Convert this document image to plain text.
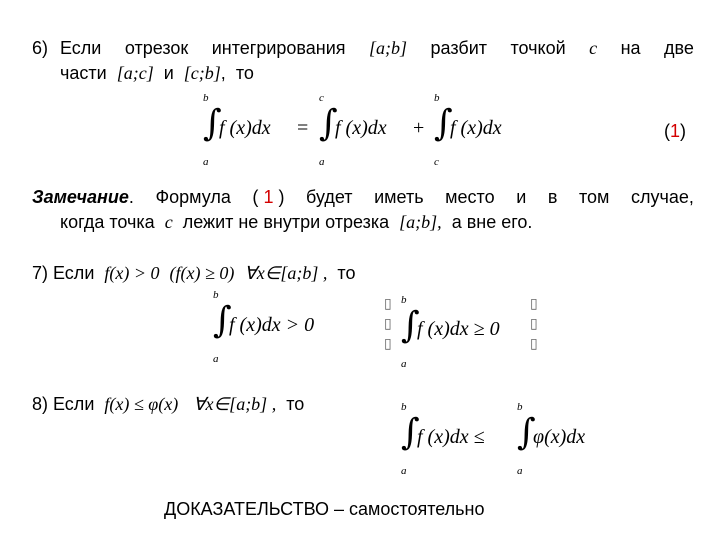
6) Если отрезок интегрирования [a;b] разбит точкой c на две
части [a;c] и [c;b],  то
b
∫
a
f (x)dx =
c
∫
a
f (x)dx +
b
∫
c
f (x)dx	(1)
Замечание. Формула ( 1 ) будет иметь место и в том случае,
когда точка c лежит не внутри отрезка [a;b], а вне его.
7) Если f(x) > 0 (f(x) ≥ 0) ∀x∈[a;b] , то
b
∫
a
f (x)dx > 0
▯
▯
▯
b
∫
a
f (x)dx ≥ 0
▯
▯
▯
8) Если f(x) ≤ φ(x) ∀x∈[a;b] , то	b
∫
a
f (x)dx ≤
b
∫
a
φ(x)dx
ДОКАЗАТЕЛЬСТВО – самостоятельно
